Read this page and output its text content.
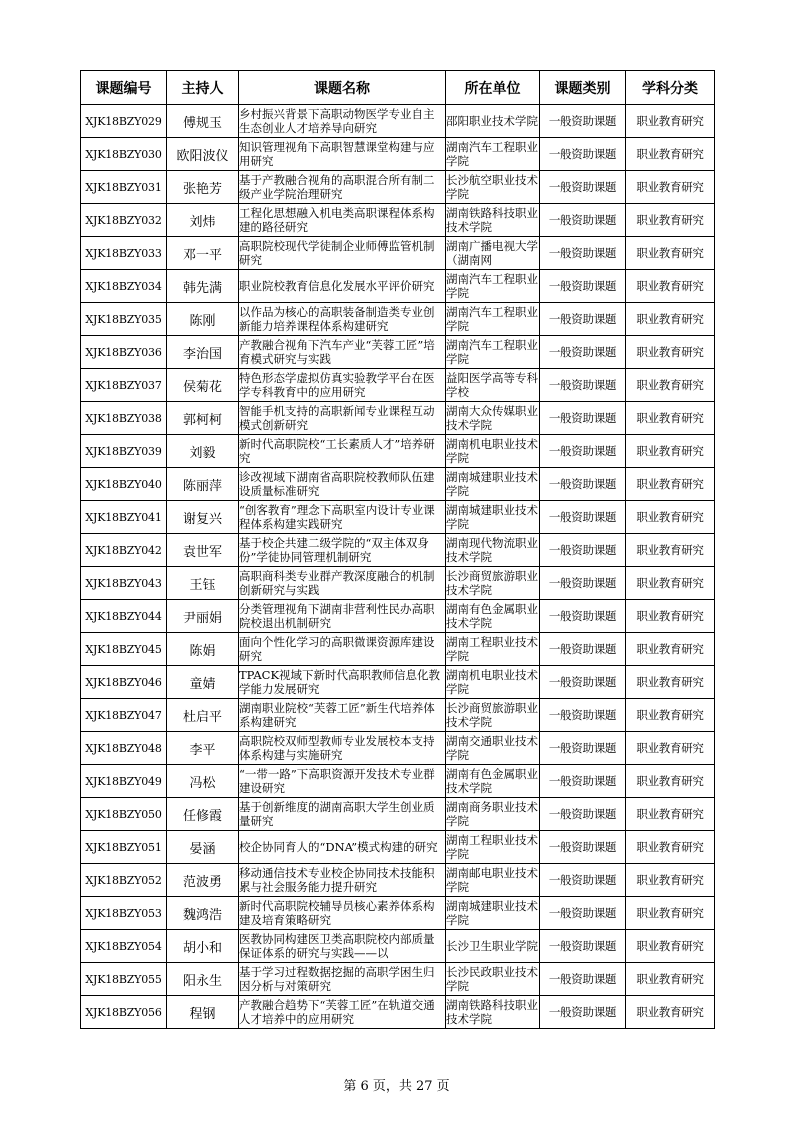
课题编号	主持人	课题名称	所在单位	课题类别	学科分类
XJK18BZY029	傅规玉	乡村振兴背景下高职动物医学专业自主生态创业人才培养导向研究	邵阳职业技术学院	一般资助课题	职业教育研究
XJK18BZY030	欧阳波仪	知识管理视角下高职智慧课堂构建与应用研究	湖南汽车工程职业学院	一般资助课题	职业教育研究
XJK18BZY031	张艳芳	基于产教融合视角的高职混合所有制二级产业学院治理研究	长沙航空职业技术学院	一般资助课题	职业教育研究
XJK18BZY032	刘炜	工程化思想融入机电类高职课程体系构建的路径研究	湖南铁路科技职业技术学院	一般资助课题	职业教育研究
XJK18BZY033	邓一平	高职院校现代学徒制企业师傅监管机制研究	湖南广播电视大学（湖南网	一般资助课题	职业教育研究
XJK18BZY034	韩先满	职业院校教育信息化发展水平评价研究	湖南汽车工程职业学院	一般资助课题	职业教育研究
XJK18BZY035	陈刚	以作品为核心的高职装备制造类专业创新能力培养课程体系构建研究	湖南汽车工程职业学院	一般资助课题	职业教育研究
XJK18BZY036	李治国	产教融合视角下汽车产业“芙蓉工匠”培育模式研究与实践	湖南汽车工程职业学院	一般资助课题	职业教育研究
XJK18BZY037	侯菊花	特色形态学虚拟仿真实验教学平台在医学专科教育中的应用研究	益阳医学高等专科学校	一般资助课题	职业教育研究
XJK18BZY038	郭柯柯	智能手机支持的高职新闻专业课程互动模式创新研究	湖南大众传媒职业技术学院	一般资助课题	职业教育研究
XJK18BZY039	刘毅	新时代高职院校“工长素质人才”培养研究	湖南机电职业技术学院	一般资助课题	职业教育研究
XJK18BZY040	陈丽萍	诊改视域下湖南省高职院校教师队伍建设质量标准研究	湖南城建职业技术学院	一般资助课题	职业教育研究
XJK18BZY041	谢复兴	“创客教育”理念下高职室内设计专业课程体系构建实践研究	湖南城建职业技术学院	一般资助课题	职业教育研究
XJK18BZY042	袁世军	基于校企共建二级学院的“双主体双身份”学徒协同管理机制研究	湖南现代物流职业技术学院	一般资助课题	职业教育研究
XJK18BZY043	王钰	高职商科类专业群产教深度融合的机制创新研究与实践	长沙商贸旅游职业技术学院	一般资助课题	职业教育研究
XJK18BZY044	尹丽娟	分类管理视角下湖南非营利性民办高职院校退出机制研究	湖南有色金属职业技术学院	一般资助课题	职业教育研究
XJK18BZY045	陈娟	面向个性化学习的高职微课资源库建设研究	湖南工程职业技术学院	一般资助课题	职业教育研究
XJK18BZY046	童婧	TPACK视域下新时代高职教师信息化教学能力发展研究	湖南机电职业技术学院	一般资助课题	职业教育研究
XJK18BZY047	杜启平	湖南职业院校“芙蓉工匠”新生代培养体系构建研究	长沙商贸旅游职业技术学院	一般资助课题	职业教育研究
XJK18BZY048	李平	高职院校双师型教师专业发展校本支持体系构建与实施研究	湖南交通职业技术学院	一般资助课题	职业教育研究
XJK18BZY049	冯松	“一带一路”下高职资源开发技术专业群建设研究	湖南有色金属职业技术学院	一般资助课题	职业教育研究
XJK18BZY050	任修霞	基于创新维度的湖南高职大学生创业质量研究	湖南商务职业技术学院	一般资助课题	职业教育研究
XJK18BZY051	晏涵	校企协同育人的“DNA”模式构建的研究	湖南工程职业技术学院	一般资助课题	职业教育研究
XJK18BZY052	范波勇	移动通信技术专业校企协同技术技能积累与社会服务能力提升研究	湖南邮电职业技术学院	一般资助课题	职业教育研究
XJK18BZY053	魏鸿浩	新时代高职院校辅导员核心素养体系构建及培育策略研究	湖南城建职业技术学院	一般资助课题	职业教育研究
XJK18BZY054	胡小和	医教协同构建医卫类高职院校内部质量保证体系的研究与实践——以	长沙卫生职业学院	一般资助课题	职业教育研究
XJK18BZY055	阳永生	基于学习过程数据挖掘的高职学困生归因分析与对策研究	长沙民政职业技术学院	一般资助课题	职业教育研究
XJK18BZY056	程钢	产教融合趋势下“芙蓉工匠”在轨道交通人才培养中的应用研究	湖南铁路科技职业技术学院	一般资助课题	职业教育研究
第 6 页，共 27 页
